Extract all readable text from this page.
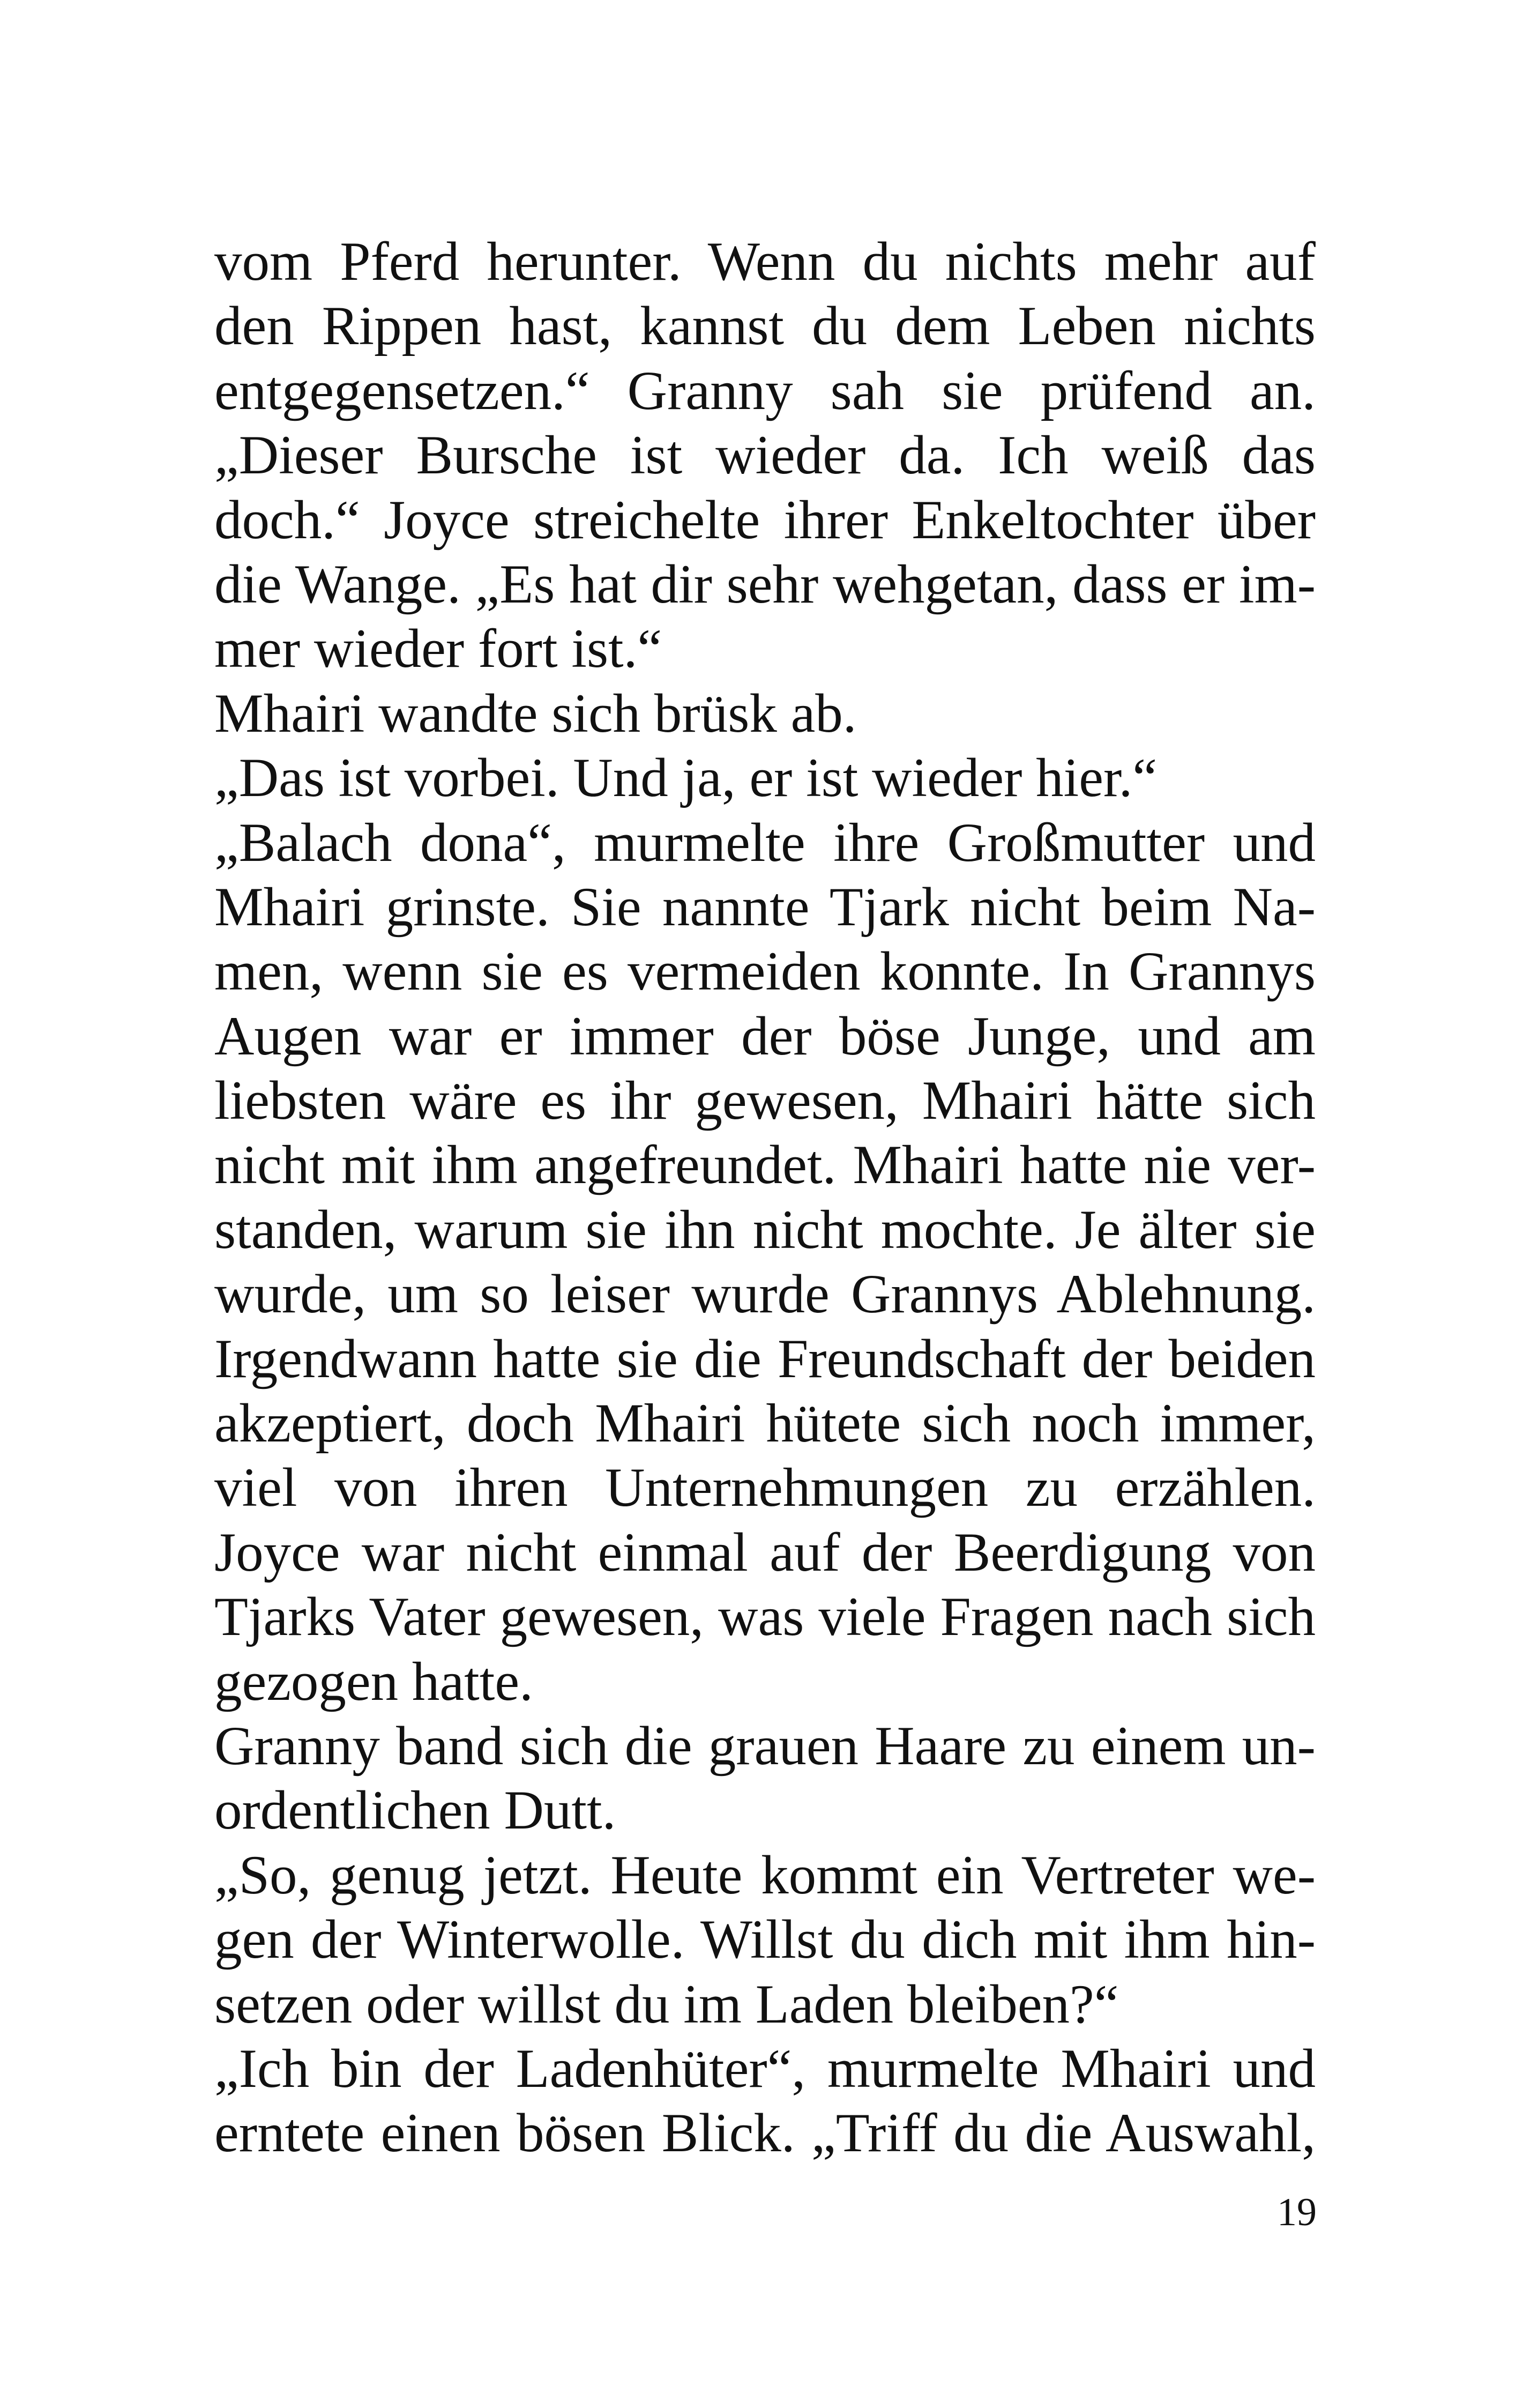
vom Pferd herunter. Wenn du nichts mehr auf
den Rippen hast, kannst du dem Leben nichts
entgegensetzen.“ Granny sah sie prüfend an.
„Dieser Bursche ist wieder da. Ich weiß das
doch.“ Joyce streichelte ihrer Enkeltochter über
die Wange. „Es hat dir sehr wehgetan, dass er im-
mer wieder fort ist.“
Mhairi wandte sich brüsk ab.
„Das ist vorbei. Und ja, er ist wieder hier.“
„Balach dona“, murmelte ihre Großmutter und
Mhairi grinste. Sie nannte Tjark nicht beim Na-
men, wenn sie es vermeiden konnte. In Grannys
Augen war er immer der böse Junge, und am
liebsten wäre es ihr gewesen, Mhairi hätte sich
nicht mit ihm angefreundet. Mhairi hatte nie ver-
standen, warum sie ihn nicht mochte. Je älter sie
wurde, um so leiser wurde Grannys Ablehnung.
Irgendwann hatte sie die Freundschaft der beiden
akzeptiert, doch Mhairi hütete sich noch immer,
viel von ihren Unternehmungen zu erzählen.
Joyce war nicht einmal auf der Beerdigung von
Tjarks Vater gewesen, was viele Fragen nach sich
gezogen hatte.
Granny band sich die grauen Haare zu einem un-
ordentlichen Dutt.
„So, genug jetzt. Heute kommt ein Vertreter we-
gen der Winterwolle. Willst du dich mit ihm hin-
setzen oder willst du im Laden bleiben?“
„Ich bin der Ladenhüter“, murmelte Mhairi und
erntete einen bösen Blick. „Triff du die Auswahl,
19
